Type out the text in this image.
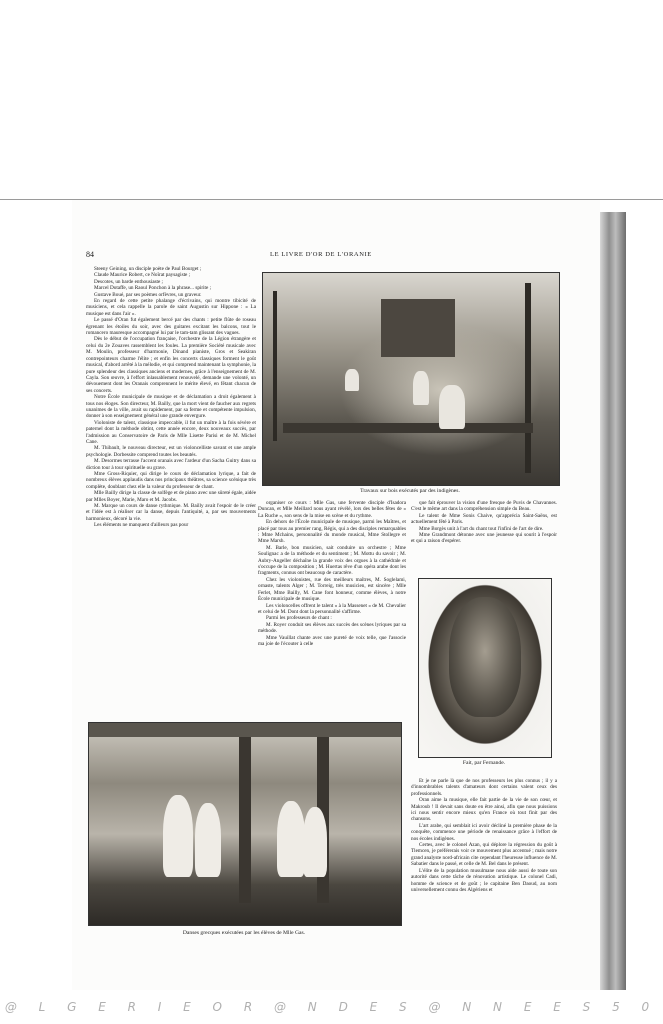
84	LE LIVRE D'OR DE L'ORANIE

Steeny Geining, un disciple poète de Paul Bourget ;

Claude Maurice Robert, ce Noîrat paysagiste ;

Descotes, un barde enthousiaste ;

Marcel Dotaffe, un Raoul Ponchon à la phrase... spirite ;

Gustave Boué, par ses poèmes orfèvres, un graveur.

En regard de cette petite phalange d'écrivains, qui montre tibicité de musiciens, et cela rappelle la parole de saint Augustin sur Hippone : « La musique est dans l'air ».

Le passé d'Oran fut également bercé par des chants : petite flûte de roseau égrenant les étoiles du soir, avec des guitares excitant les balcons, tout le romancero mauresque accompagné lui par le tam-tam glissant des vagues.

Dès le début de l'occupation française, l'orchestre de la Légion étrangère et celui du 2e Zouaves rassemblent les foules. La première Société musicale avec M. Moulin, professeur d'harmonie, Dinand pianiste, Gros et Seakiran contrepointeurs charme l'élite ; et enfin les concerts classiques forment le goût musical, d'abord arrêté à la mélodie, et qui comprend maintenant la symphonie, la pure splendeur des classiques anciens et modernes, grâce à l'enseignement de M. Cayla. Son œuvre, à l'effort inlassablement renouvelé, demande une volonté, un dévouement dont les Oranais comprennent le mérite élevé, en fêtant chacun de ses concerts.

Notre École municipale de musique et de déclamation a droit également à tous nos éloges. Son directeur, M. Bailly, que la mort vient de faucher aux regrets unanimes de la ville, avait su rapidement, par sa ferme et compétente impulsion, donner à son enseignement général une grande envergure.

Violoniste de talent, classique impeccable, il fut un maître à la fois sévère et paternel dont la méthode obtint, cette année encore, deux nouveaux succès, par l'admission au Conservatoire de Paris de Mlle Lisette Parisi et de M. Michel Cane.

M. Thibault, le nouveau directeur, est un violoncelliste savant et une ample psychologie. Dorbessite comprend toutes les beautés.

M. Desormes terrasse l'accent oranais avec l'ardeur d'un Sacha Guitry dans sa diction tour à tour spirituelle ou grave.

Mme Gross-Riquier, qui dirige le cours de déclamation lyrique, a fait de nombreux élèves applaudis dans nos principaux théâtres, sa science scénique très complète, doublant chez elle la valeur du professeur de chant.

Mlle Bailly dirige la classe de solfège et de piano avec une sûreté égale, aidée par Mlles Boyer, Marie, Maro et M. Jacobs.

M. Marque un cours de danse rythmique. M. Bailly avait l'espoir de le créer et l'idée est à réaliser car la danse, depuis l'antiquité, a, par ses mouvements harmonieux, décoré la vie.

Les éléments ne manquent d'ailleurs pas pour

Travaux sur bois exécutés par des indigènes.

organiser ce cours : Mlle Gas, une fervente disciple d'Isadora Duncan, et Mlle Meillard nous ayant révélé, lors des belles fêtes de « La Ruche », son sens de la mise en scène et du rythme.

En dehors de l'École municipale de musique, parmi les Maîtres, et placé par tous au premier rang, Régis, qui a des disciples remarquables : Mme Mchains, personnalité du monde musical, Mme Stollegre et Mme Marsh.

M. Barle, bon musicien, sait conduire un orchestre ; Mme Soulignac a de la méthode et du sentiment ; M. Mottu du savoir ; M. Aubry-Angeller déchaîne la grande voix des orgues à la cathédrale et s'occupe de la composition ; M. Huertas rêve d'un opéra arabe dont les fragments, connus ont beaucoup de caractère.

Chez les violonistes, rue des meilleurs maîtres, M. Soglelami, ornaste, talents Alger ; M. Torreig, très musicien, est sincère ; Mlle Ferlet, Mme Bailly, M. Cane font honneur, comme élèves, à notre École municipale de musique.

Les violoncelles offrent le talent « à la Massenet » de M. Chevalier et celui de M. Dont dont la personnalité s'affirme.

Parmi les professeurs de chant :

M. Royer conduit ses élèves aux succès des scènes lyriques par sa méthode.

Mme Vauillat chante avec une pureté de voix telle, que l'associe ma joie de l'écouter à celle

que fait éprouver la vision d'une fresque de Puvis de Chavannes. C'est le même art dans la compréhension simple du Beau.

Le talent de Mme Sonis Chaive, qu'apprécia Saint-Saëns, est actuellement fêté à Paris.

Mme Borgès unit à l'art du chant tout l'infini de l'art de dire.

Mme Grandmont détonne avec une jeunesse qui sourit à l'espoir et qui a raison d'espérer.

Fait, par Fernande.
Danses grecques exécutées par les élèves de Mlle Gas.

Et je ne parle là que de nos professeurs les plus connus ; il y a d'innombrables talents d'amateurs dont certains valent ceux des professionnels.

Oran aime la musique, elle fait partie de la vie de son cœur, et Makroub ! Il devait sans doute en être ainsi, afin que nous puissions ici nous sentir encore mieux qu'en France où tout finit par des chansons.

L'art arabe, qui semblait ici avoir décliné la première phase de la conquête, commence une période de renaissance grâce à l'effort de nos écoles indigènes.

Certes, avec le colonel Azan, qui déplore la régression du goût à Tlemcen, je préférerais voir ce mouvement plus accentué ; mais notre grand analyste nord-africain cite cependant l'heureuse influence de M. Sabatier dans le passé, et celle de M. Bel dans le présent.

L'élite de la population musulmane nous aide aussi de toute son autorité dans cette tâche de rénovation artistique. Le colonel Cadi, homme de science et de goût ; le capitaine Ben Daoud, au nom universellement connu des Algériens et

@ L G E R I E O R @ N D E S @ N N E E S 5 0
